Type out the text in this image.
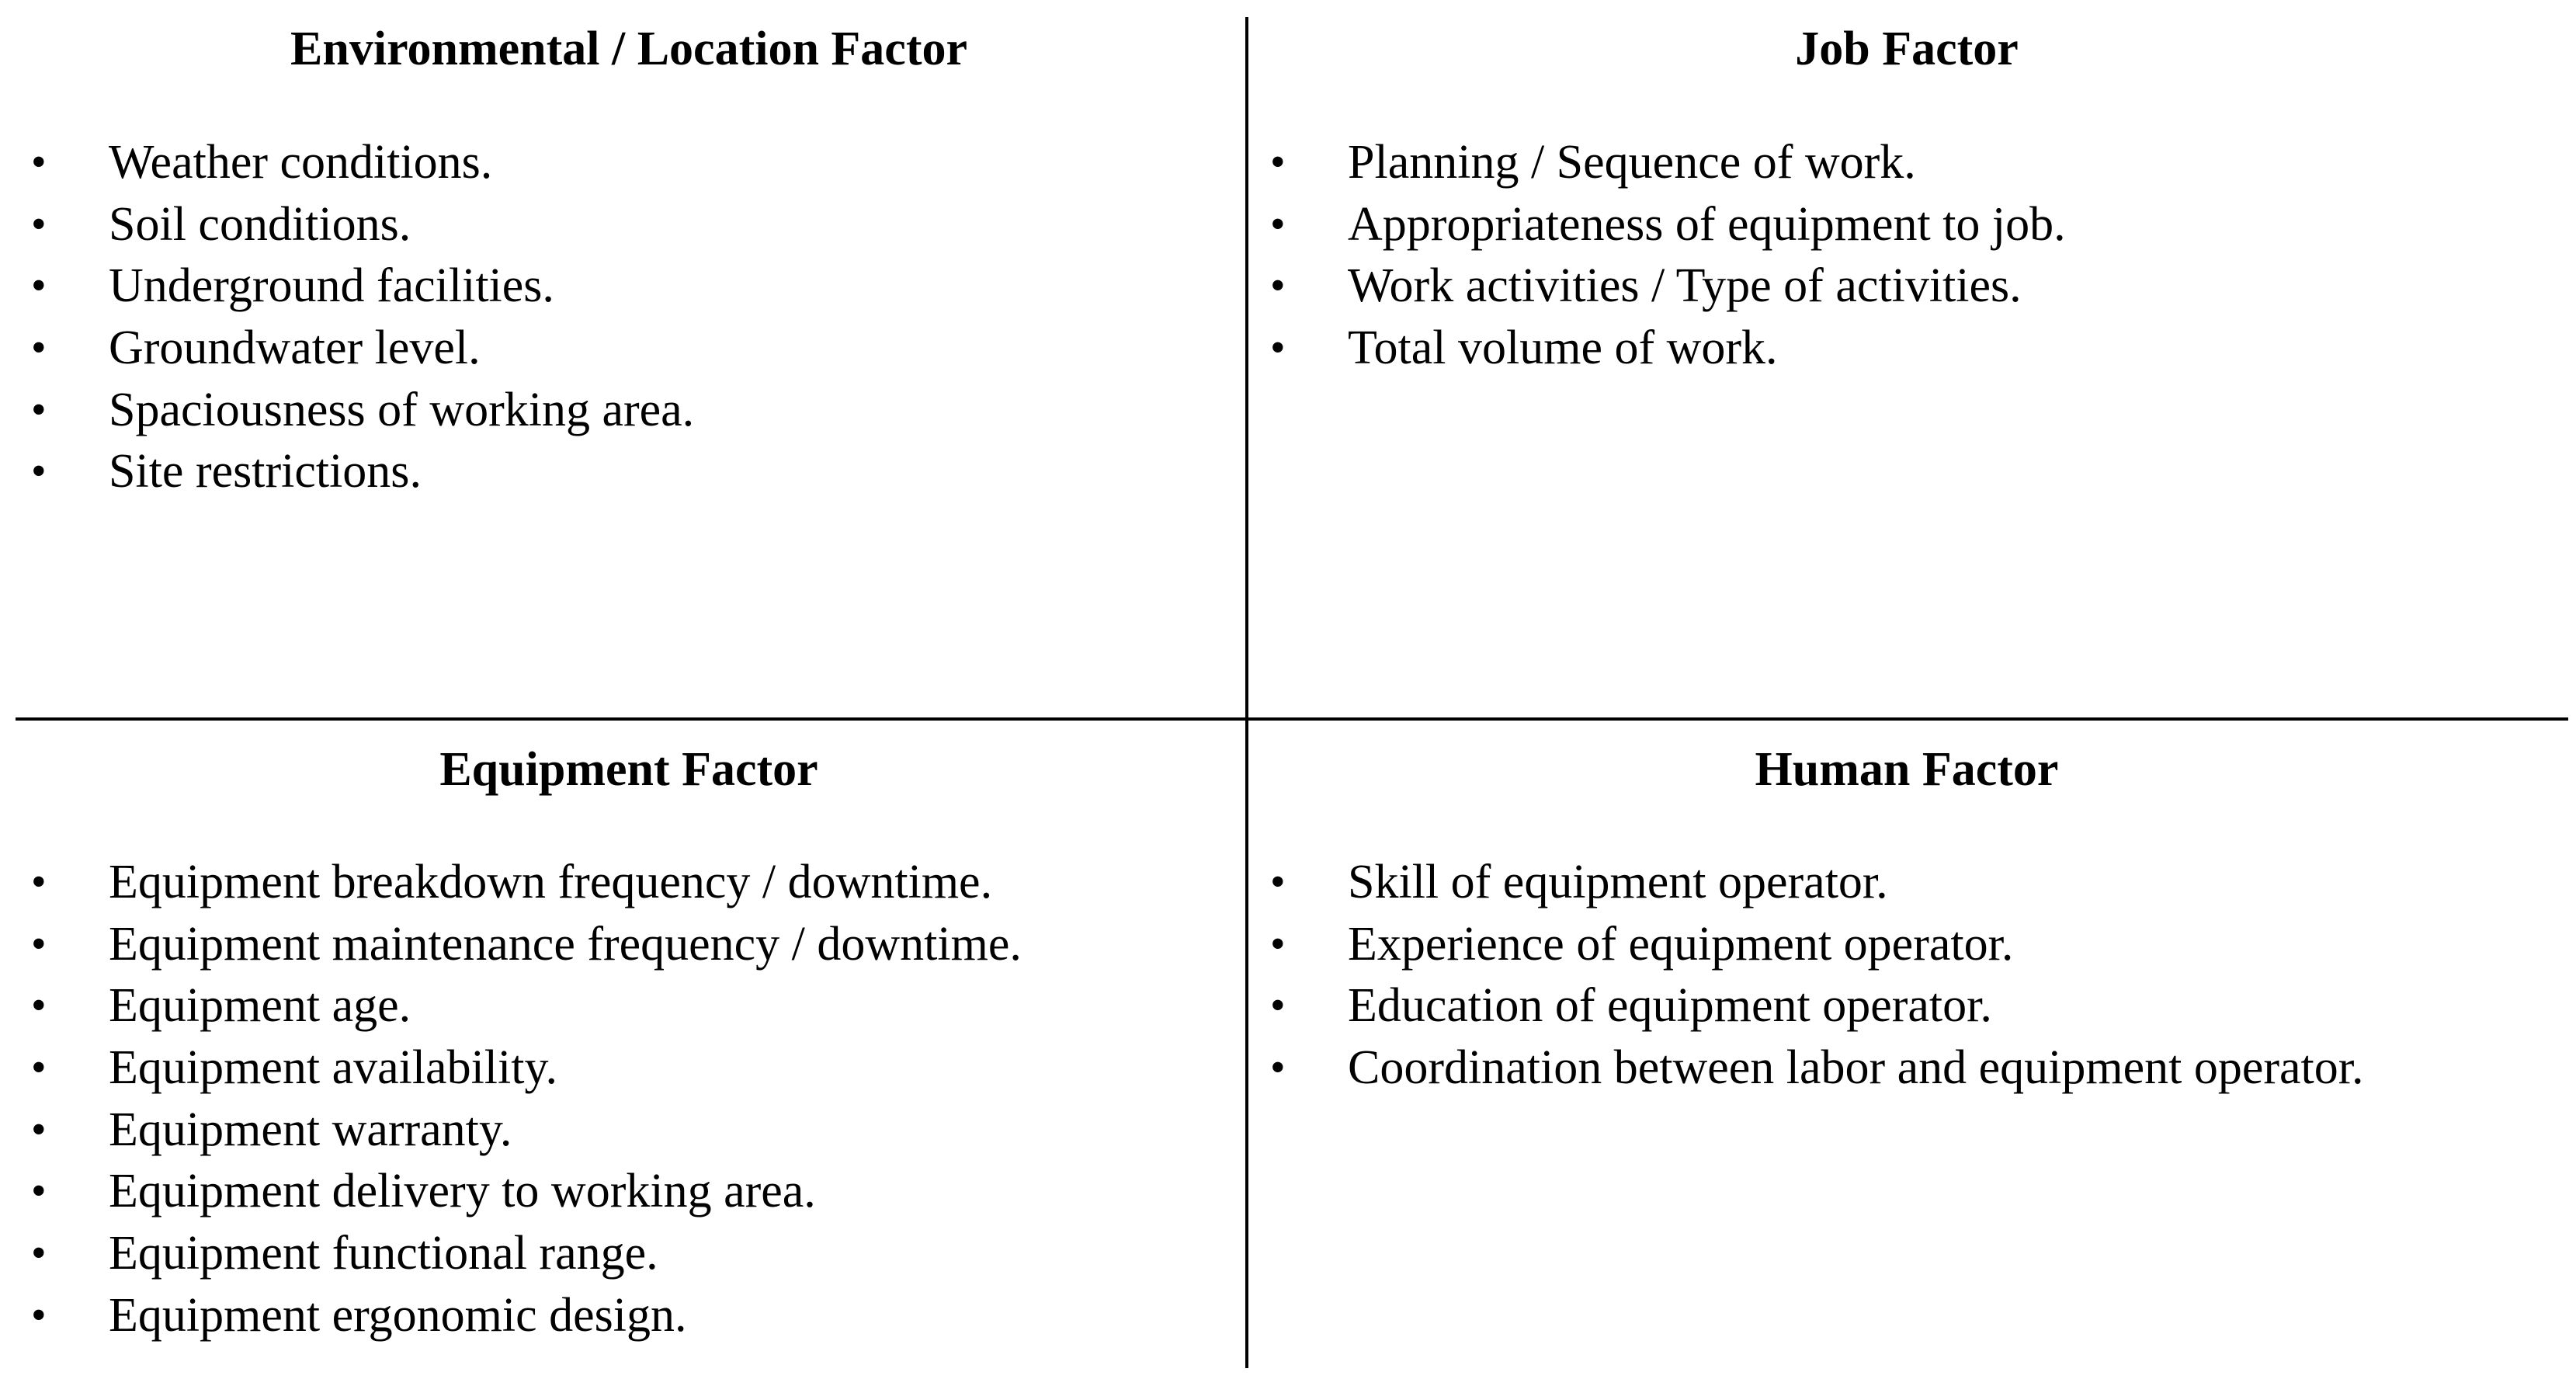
Environmental / Location Factor
•	Weather conditions.
•	Soil conditions.
•	Underground facilities.
•	Groundwater level.
•	Spaciousness of working area.
•	Site restrictions.
Job Factor
•	Planning / Sequence of work.
•	Appropriateness of equipment to job.
•	Work activities / Type of activities.
•	Total volume of work.
Equipment Factor
•	Equipment breakdown frequency / downtime.
•	Equipment maintenance frequency / downtime.
•	Equipment age.
•	Equipment availability.
•	Equipment warranty.
•	Equipment delivery to working area.
•	Equipment functional range.
•	Equipment ergonomic design.
Human Factor
•	Skill of equipment operator.
•	Experience of equipment operator.
•	Education of equipment operator.
•	Coordination between labor and equipment operator.
